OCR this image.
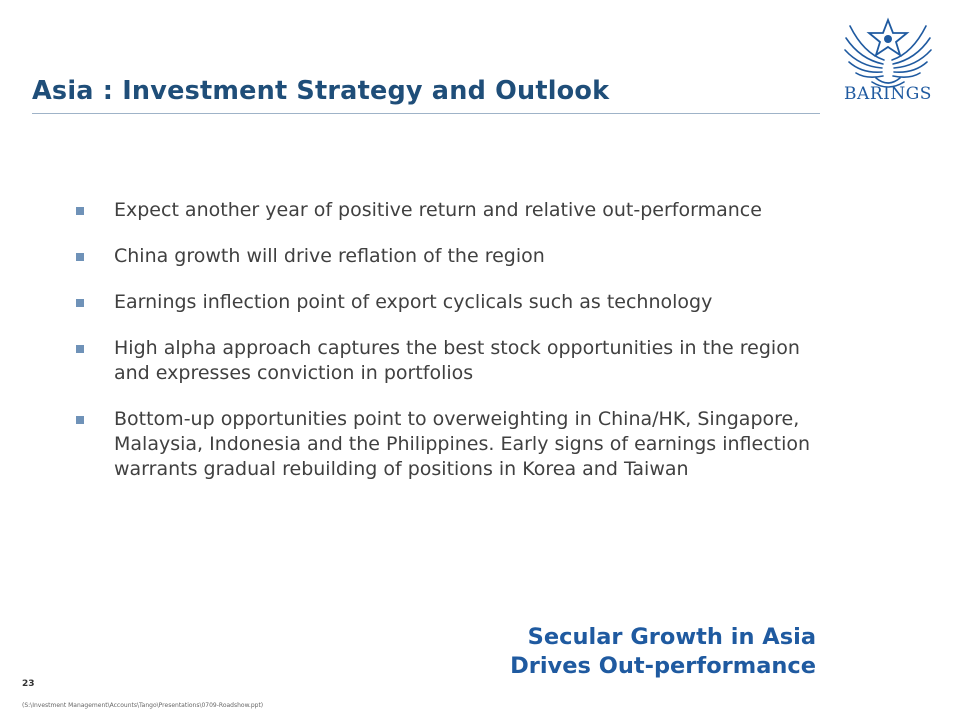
Asia : Investment Strategy and Outlook	BARINGS
Expect another year of positive return and relative out-performance
China growth will drive reflation of the region
Earnings inflection point of export cyclicals such as technology
High alpha approach captures the best stock opportunities in the region and expresses conviction in portfolios
Bottom-up opportunities point to overweighting in China/HK, Singapore, Malaysia, Indonesia and the Philippines. Early signs of earnings inflection warrants gradual rebuilding of positions in Korea and Taiwan
Secular Growth in Asia
Drives Out-performance
23
(S:\Investment Management\Accounts\Tango\Presentations\0709-Roadshow.ppt)
